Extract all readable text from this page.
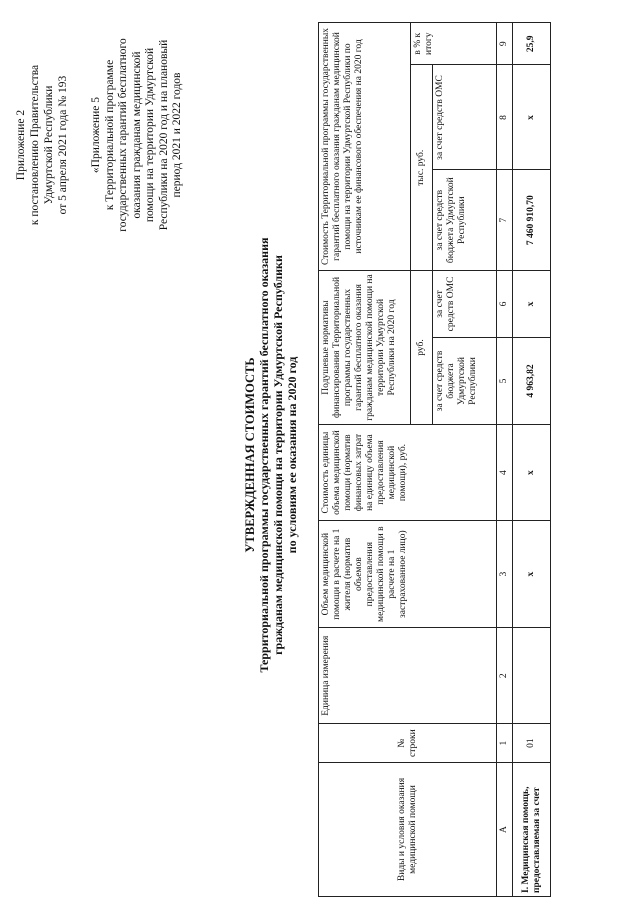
Приложение 2 к постановлению Правительства Удмуртской Республики от 5 апреля 2021 года № 193 «Приложение 5 к Территориальной программе государственных гарантий бесплатного оказания гражданам медицинской помощи на территории Удмуртской Республики на 2020 год и на плановый период 2021 и 2022 годов
УТВЕРЖДЕННАЯ СТОИМОСТЬ Территориальной программы государственных гарантий бесплатного оказания гражданам медицинской помощи на территории Удмуртской Республики по условиям ее оказания на 2020 год
Виды и условия оказания медицинской помощи	№ строки	Единица измерения	Объем медицинской помощи в расчете на 1 жителя (норматив объемов предоставления медицинской помощи в расчете на 1 застрахованное лицо)	Стоимость единицы объема медицинской помощи (норматив финансовых затрат на единицу объема предоставления медицинской помощи), руб.	Подушевые нормативы финансирования Территориальной программы государственных гарантий бесплатного оказания гражданам медицинской помощи на территории Удмуртской Республики на 2020 год		Стоимость Территориальной программы государственных гарантий бесплатного оказания гражданам медицинской помощи на территории Удмуртской Республики по источникам ее финансового обеспечения на 2020 год		
					руб.		тыс. руб.		в % к итогу
					за счет средств бюджета Удмуртской Республики	за счет средств ОМС	за счет средств бюджета Удмуртской Республики	за счет средств ОМС	
А	1	2	3	4	5	6	7	8	9
I. Медицинская помощь, предоставляемая за счет	01		x	x	4 963,82	x	7 460 910,70	x	25,9
